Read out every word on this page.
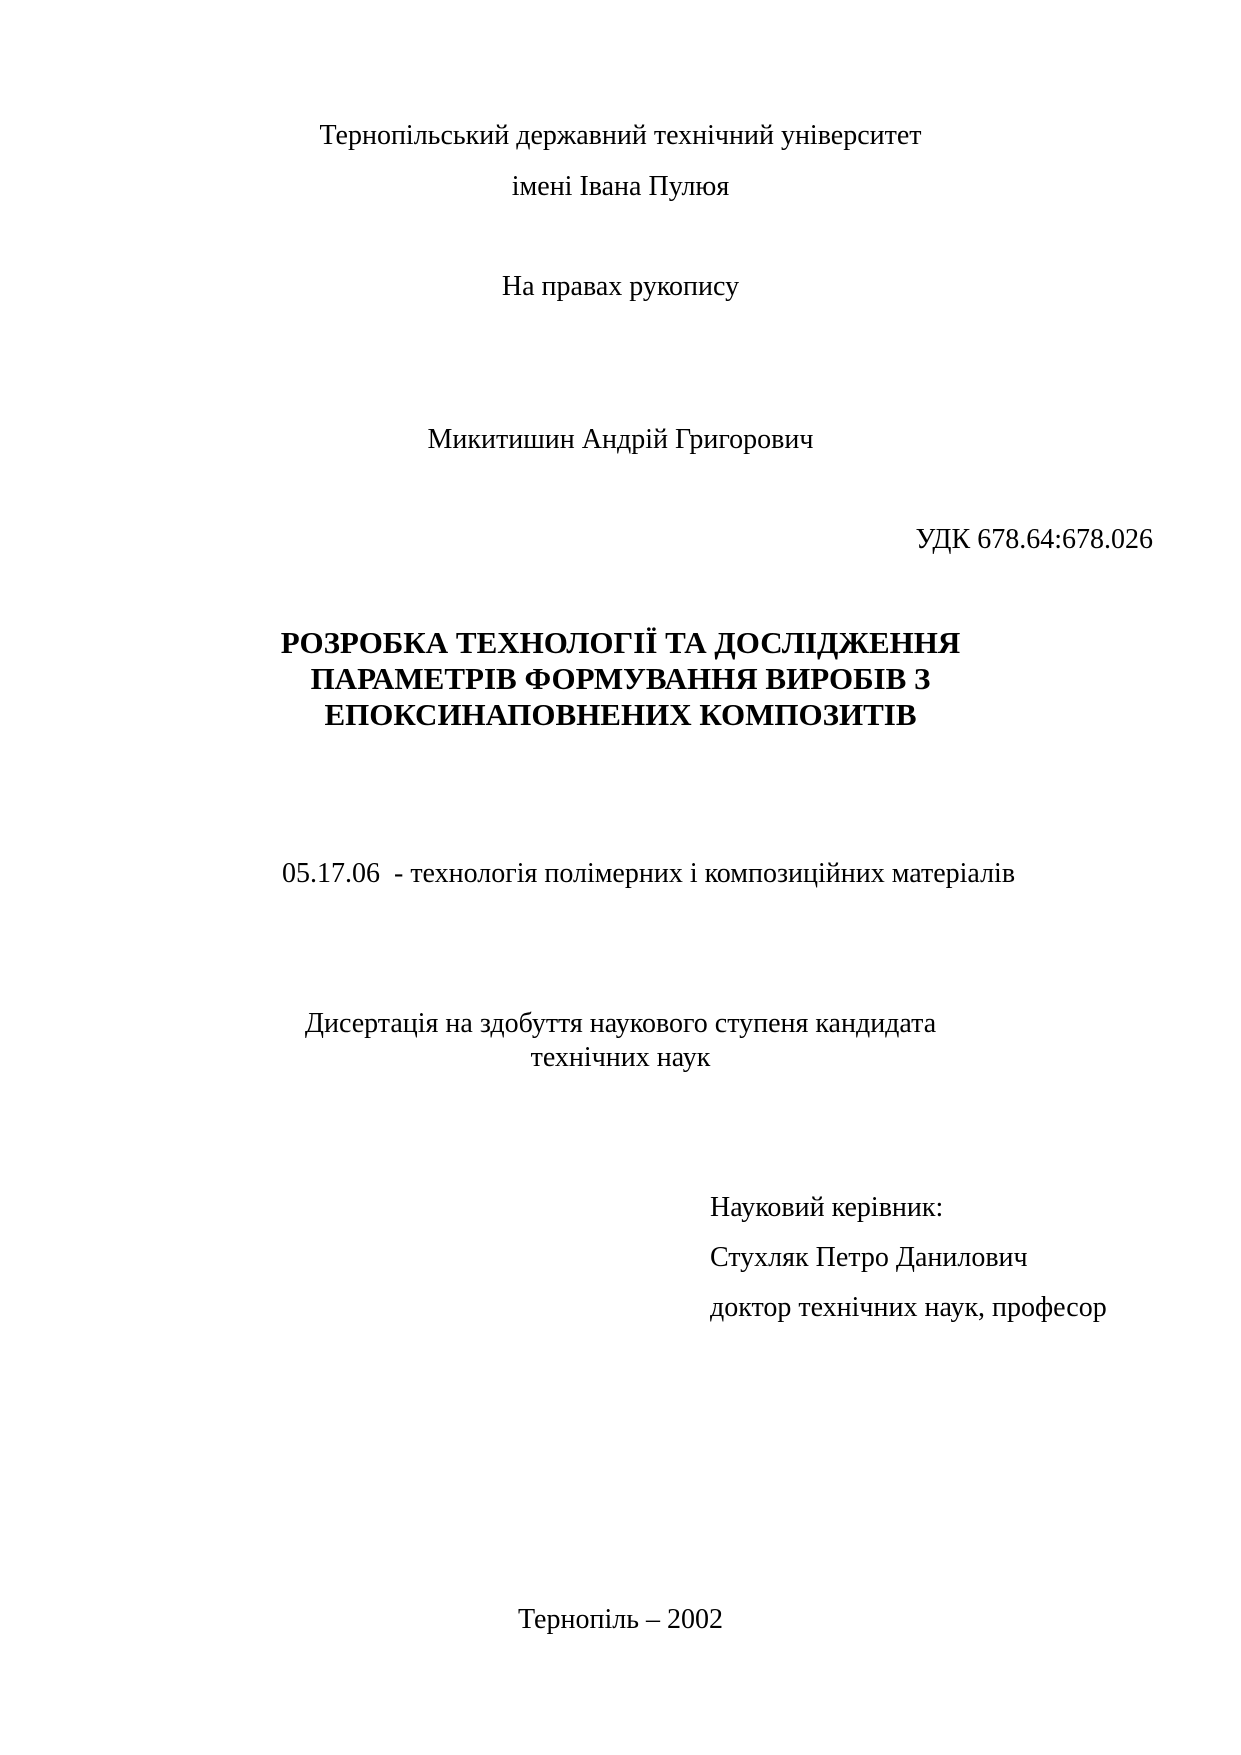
Тернопільський державний технічний університет
імені Івана Пулюя
На правах рукопису
Микитишин Андрій Григорович
УДК 678.64:678.026
РОЗРОБКА ТЕХНОЛОГІЇ ТА ДОСЛІДЖЕННЯ
ПАРАМЕТРІВ ФОРМУВАННЯ ВИРОБІВ З
ЕПОКСИНАПОВНЕНИХ КОМПОЗИТІВ
05.17.06  - технологія полімерних і композиційних матеріалів
Дисертація на здобуття наукового ступеня кандидата
технічних наук
Науковий керівник:
Стухляк Петро Данилович
доктор технічних наук, професор
Тернопіль – 2002
